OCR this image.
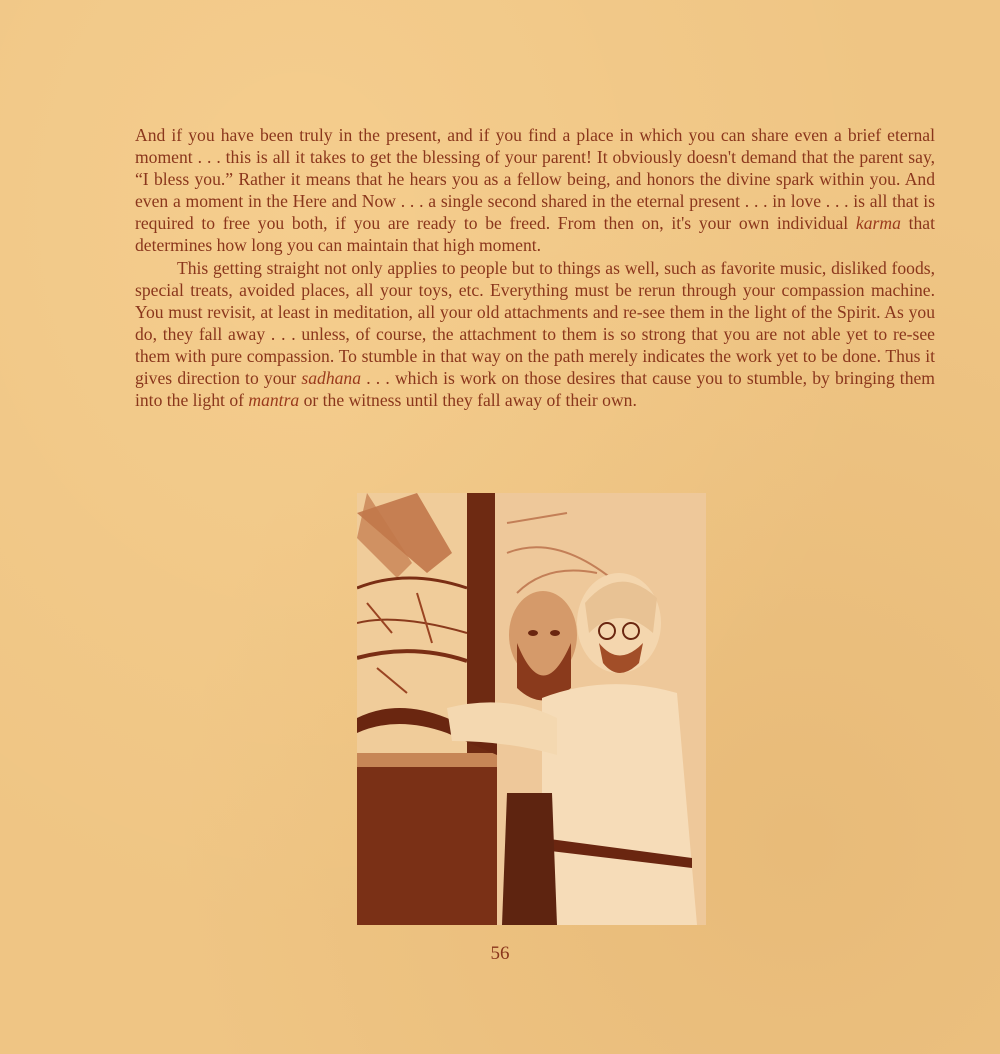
And if you have been truly in the present, and if you find a place in which you can share even a brief eternal moment . . . this is all it takes to get the blessing of your parent! It obviously doesn't demand that the parent say, “I bless you.” Rather it means that he hears you as a fellow being, and honors the divine spark within you. And even a moment in the Here and Now . . . a single second shared in the eternal present . . . in love . . . is all that is required to free you both, if you are ready to be freed. From then on, it's your own individual karma that determines how long you can maintain that high moment.

This getting straight not only applies to people but to things as well, such as favorite music, disliked foods, special treats, avoided places, all your toys, etc. Everything must be rerun through your compassion machine. You must revisit, at least in meditation, all your old attachments and re-see them in the light of the Spirit. As you do, they fall away . . . unless, of course, the attachment to them is so strong that you are not able yet to re-see them with pure compassion. To stumble in that way on the path merely indicates the work yet to be done. Thus it gives direction to your sadhana . . . which is work on those desires that cause you to stumble, by bringing them into the light of mantra or the witness until they fall away of their own.

56
